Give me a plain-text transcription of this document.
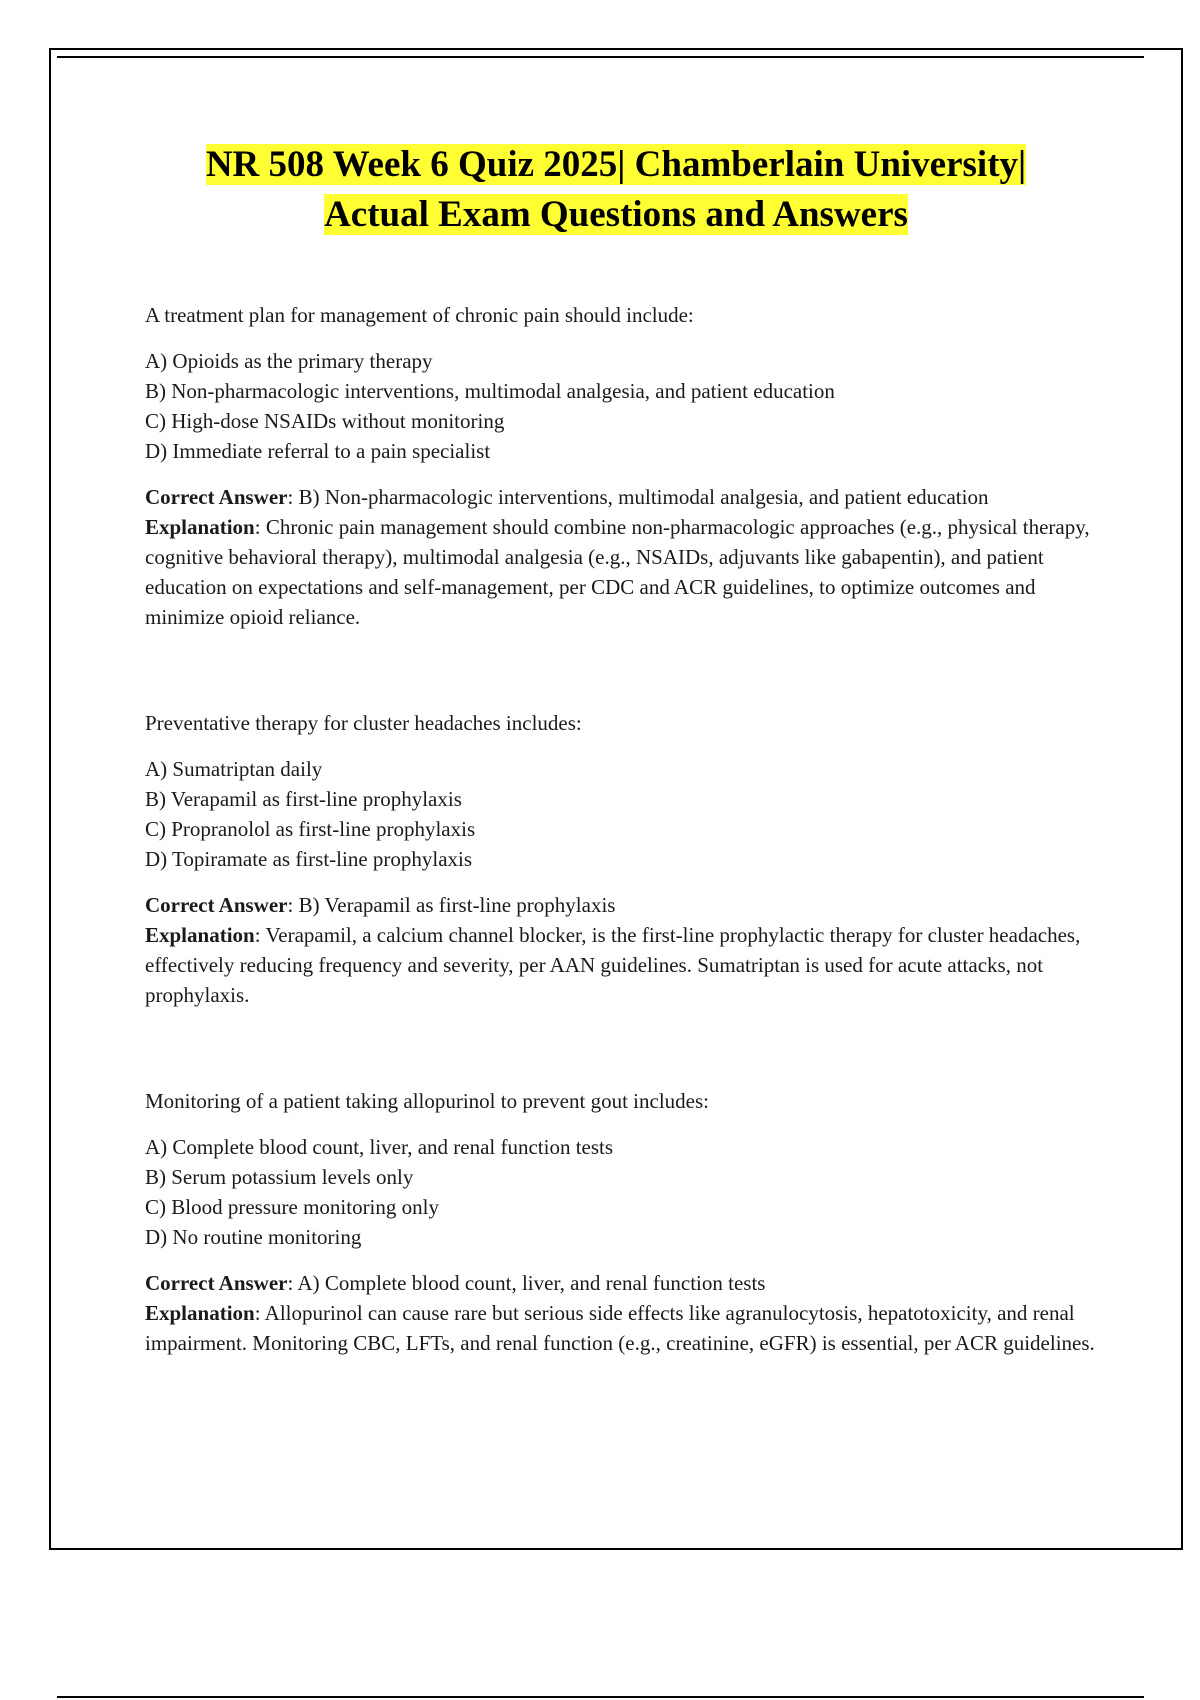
NR 508 Week 6 Quiz 2025| Chamberlain University|
Actual Exam Questions and Answers

A treatment plan for management of chronic pain should include:

A) Opioids as the primary therapy
B) Non-pharmacologic interventions, multimodal analgesia, and patient education
C) High-dose NSAIDs without monitoring
D) Immediate referral to a pain specialist

Correct Answer: B) Non-pharmacologic interventions, multimodal analgesia, and patient education

Explanation: Chronic pain management should combine non-pharmacologic approaches (e.g., physical therapy, cognitive behavioral therapy), multimodal analgesia (e.g., NSAIDs, adjuvants like gabapentin), and patient education on expectations and self-management, per CDC and ACR guidelines, to optimize outcomes and minimize opioid reliance.

Preventative therapy for cluster headaches includes:

A) Sumatriptan daily
B) Verapamil as first-line prophylaxis
C) Propranolol as first-line prophylaxis
D) Topiramate as first-line prophylaxis

Correct Answer: B) Verapamil as first-line prophylaxis

Explanation: Verapamil, a calcium channel blocker, is the first-line prophylactic therapy for cluster headaches, effectively reducing frequency and severity, per AAN guidelines. Sumatriptan is used for acute attacks, not prophylaxis.

Monitoring of a patient taking allopurinol to prevent gout includes:

A) Complete blood count, liver, and renal function tests
B) Serum potassium levels only
C) Blood pressure monitoring only
D) No routine monitoring

Correct Answer: A) Complete blood count, liver, and renal function tests

Explanation: Allopurinol can cause rare but serious side effects like agranulocytosis, hepatotoxicity, and renal impairment. Monitoring CBC, LFTs, and renal function (e.g., creatinine, eGFR) is essential, per ACR guidelines.
